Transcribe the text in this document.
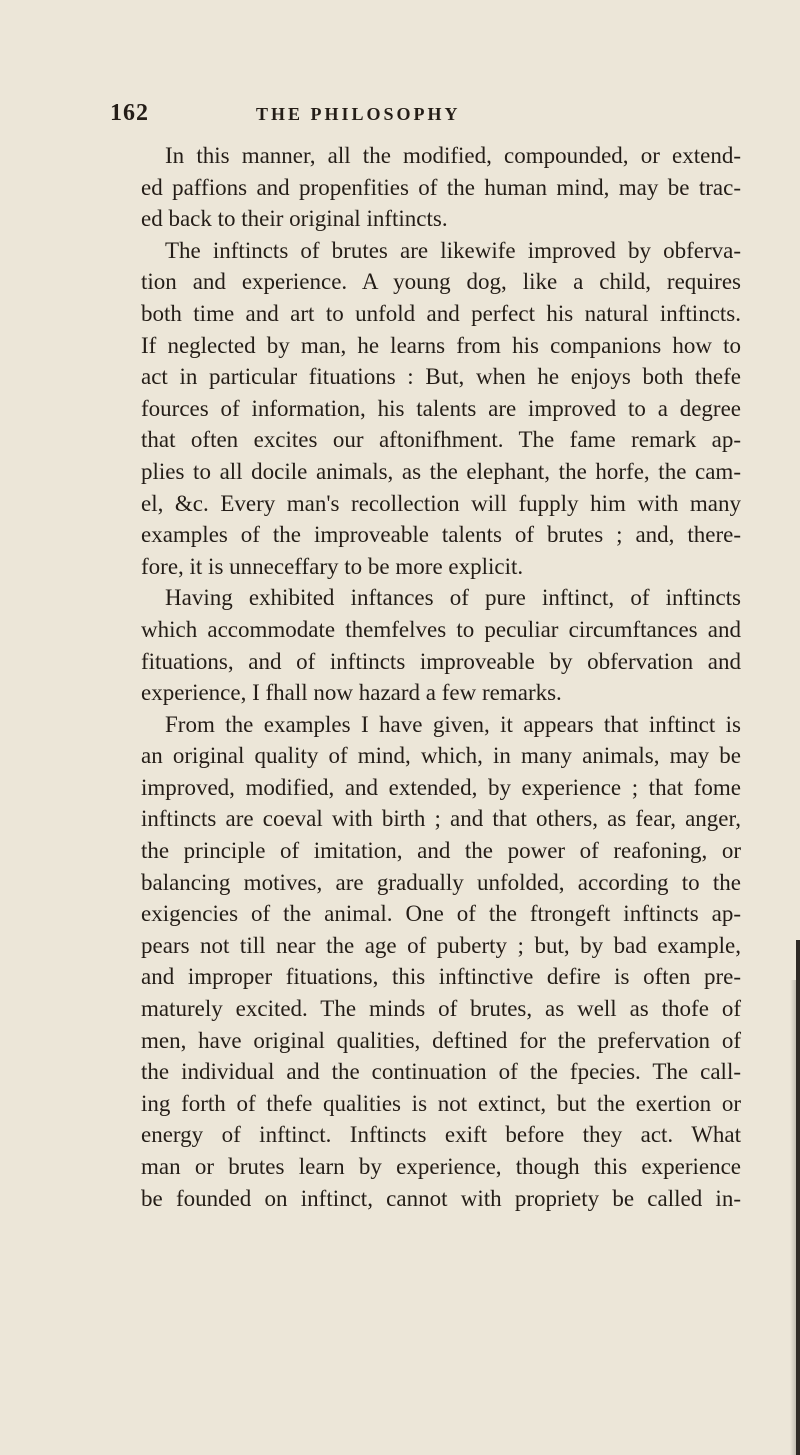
162	THE PHILOSOPHY
In this manner, all the modified, compounded, or extend-
ed paffions and propenfities of the human mind, may be trac-
ed back to their original inftincts.
The inftincts of brutes are likewife improved by obferva-
tion and experience. A young dog, like a child, requires
both time and art to unfold and perfect his natural inftincts.
If neglected by man, he learns from his companions how to
act in particular fituations : But, when he enjoys both thefe
fources of information, his talents are improved to a degree
that often excites our aftonifhment. The fame remark ap-
plies to all docile animals, as the elephant, the horfe, the cam-
el, &c. Every man's recollection will fupply him with many
examples of the improveable talents of brutes ; and, there-
fore, it is unneceffary to be more explicit.
Having exhibited inftances of pure inftinct, of inftincts
which accommodate themfelves to peculiar circumftances and
fituations, and of inftincts improveable by obfervation and
experience, I fhall now hazard a few remarks.
From the examples I have given, it appears that inftinct is
an original quality of mind, which, in many animals, may be
improved, modified, and extended, by experience ; that fome
inftincts are coeval with birth ; and that others, as fear, anger,
the principle of imitation, and the power of reafoning, or
balancing motives, are gradually unfolded, according to the
exigencies of the animal. One of the ftrongeft inftincts ap-
pears not till near the age of puberty ; but, by bad example,
and improper fituations, this inftinctive defire is often pre-
maturely excited. The minds of brutes, as well as thofe of
men, have original qualities, deftined for the prefervation of
the individual and the continuation of the fpecies. The call-
ing forth of thefe qualities is not extinct, but the exertion or
energy of inftinct. Inftincts exift before they act. What
man or brutes learn by experience, though this experience
be founded on inftinct, cannot with propriety be called in-
